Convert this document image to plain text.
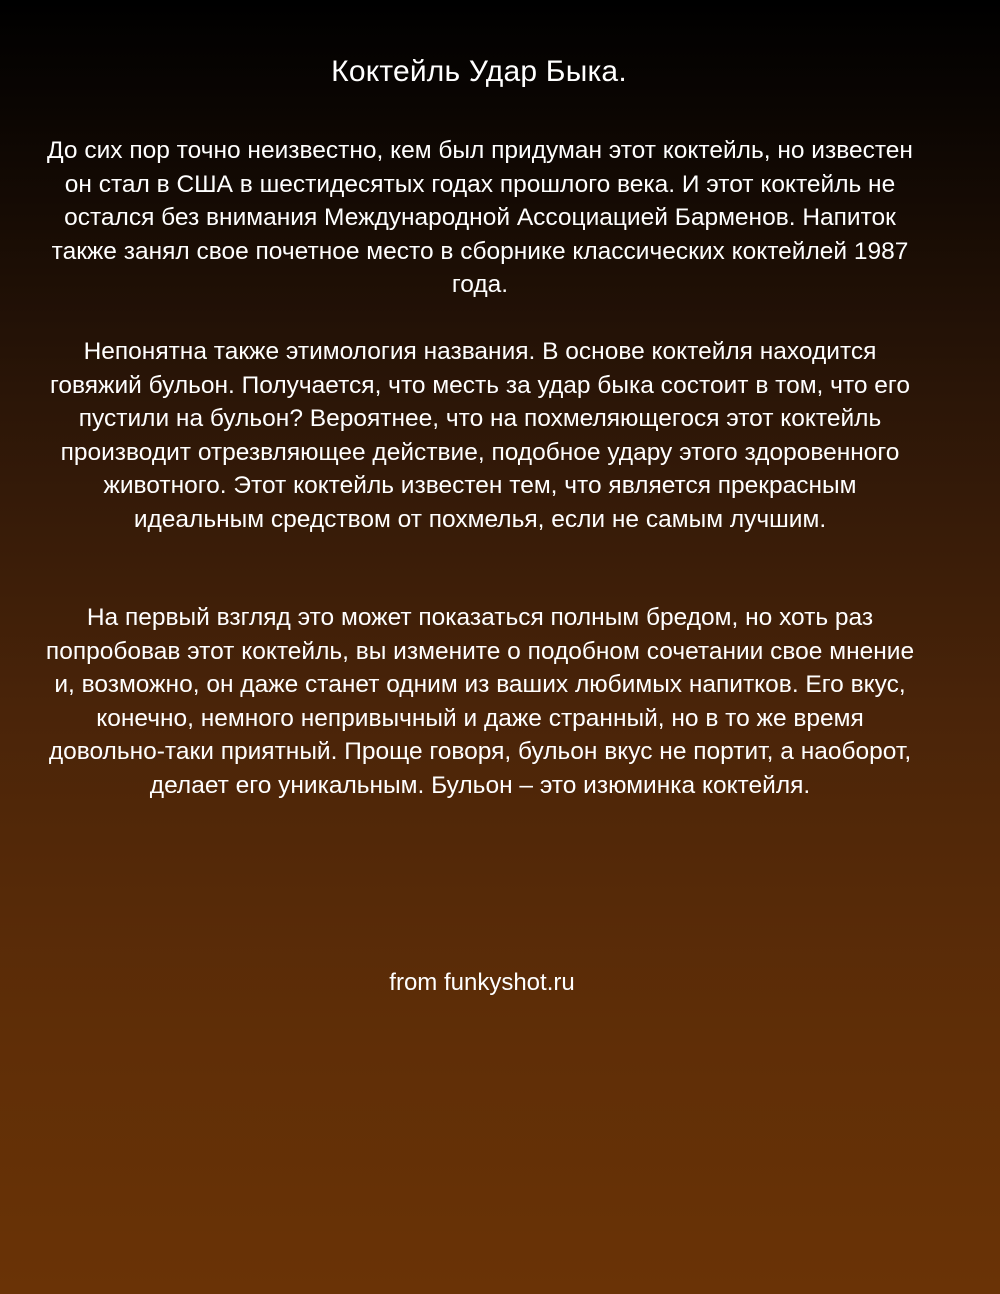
Коктейль Удар Быка.
До сих пор точно неизвестно, кем был придуман этот коктейль, но известен он стал в США в шестидесятых годах прошлого века. И этот коктейль не остался без внимания Международной Ассоциацией Барменов. Напиток также занял свое почетное место в сборнике классических коктейлей 1987 года.
Непонятна также этимология названия. В основе коктейля находится говяжий бульон. Получается, что месть за удар быка состоит в том, что его пустили на бульон? Вероятнее, что на похмеляющегося этот коктейль производит отрезвляющее действие, подобное удару этого здоровенного животного. Этот коктейль известен тем, что является прекрасным идеальным средством от похмелья, если не самым лучшим.
На первый взгляд это может показаться полным бредом, но хоть раз попробовав этот коктейль, вы измените о подобном сочетании свое мнение и, возможно, он даже станет одним из ваших любимых напитков. Его вкус, конечно, немного непривычный и даже странный, но в то же время довольно-таки приятный. Проще говоря, бульон вкус не портит, а наоборот, делает его уникальным. Бульон – это изюминка коктейля.
from funkyshot.ru
